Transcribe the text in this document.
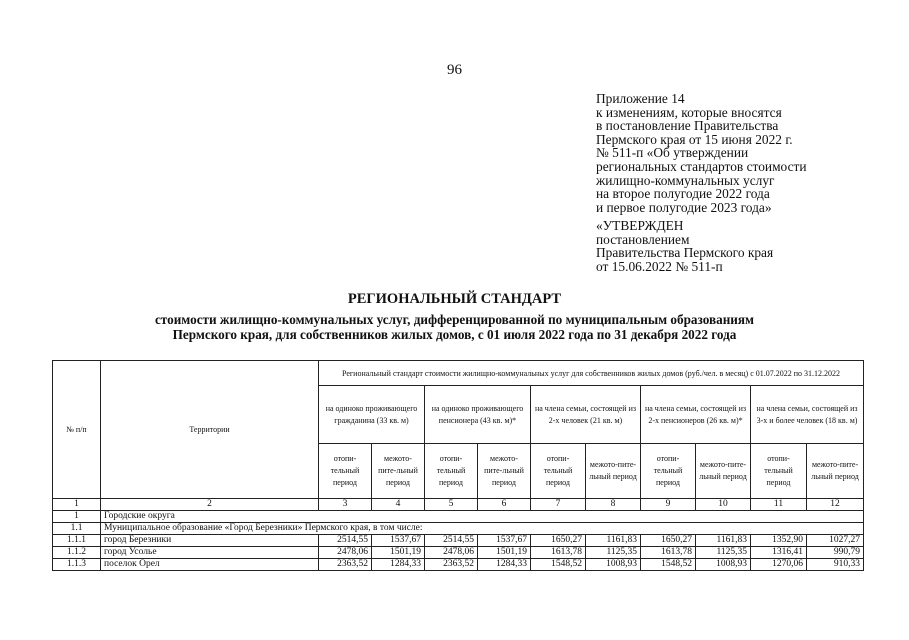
96
Приложение 14
к изменениям, которые вносятся
в постановление Правительства
Пермского края от 15 июня 2022 г.
№ 511-п «Об утверждении
региональных стандартов стоимости
жилищно-коммунальных услуг
на второе полугодие 2022 года
и первое полугодие 2023 года»
«УТВЕРЖДЕН
постановлением
Правительства Пермского края
от 15.06.2022 № 511-п
РЕГИОНАЛЬНЫЙ СТАНДАРТ
стоимости жилищно-коммунальных услуг, дифференцированной по муниципальным образованиям
Пермского края, для собственников жилых домов, с 01 июля 2022 года по 31 декабря 2022 года
№ п/п	Территории	Региональный стандарт стоимости жилищно-коммунальных услуг для собственников жилых домов (руб./чел. в месяц) с 01.07.2022 по 31.12.2022									
		на одиноко проживающего гражданина (33 кв. м)		на одиноко проживающего пенсионера (43 кв. м)*		на члена семьи, состоящей из 2-х человек (21 кв. м)		на члена семьи, состоящей из 2-х пенсионеров (26 кв. м)*		на члена семьи, состоящей из 3-х и более человек (18 кв. м)	
		отопи-тельный период	межото-пите-льный период	отопи-тельный период	межото-пите-льный период	отопи-тельный период	межото-пите-льный период	отопи-тельный период	межото-пите-льный период	отопи-тельный период	межото-пите-льный период
1	2	3	4	5	6	7	8	9	10	11	12
1	Городские округа										
1.1	Муниципальное образование «Город Березники» Пермского края, в том числе:										
1.1.1	город Березники	2514,55	1537,67	2514,55	1537,67	1650,27	1161,83	1650,27	1161,83	1352,90	1027,27
1.1.2	город Усолье	2478,06	1501,19	2478,06	1501,19	1613,78	1125,35	1613,78	1125,35	1316,41	990,79
1.1.3	поселок Орел	2363,52	1284,33	2363,52	1284,33	1548,52	1008,93	1548,52	1008,93	1270,06	910,33
